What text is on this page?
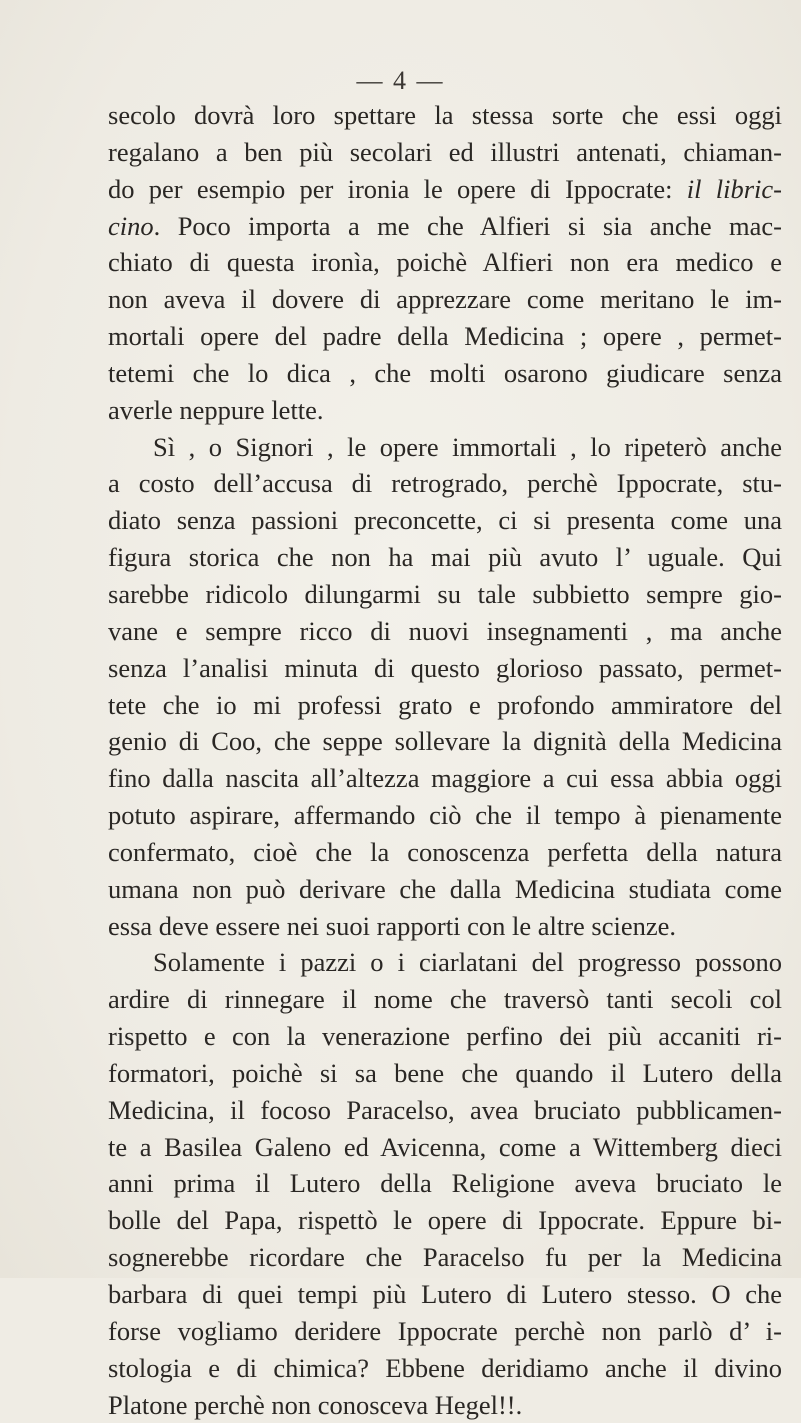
— 4 —
secolo dovrà loro spettare la stessa sorte che essi oggi
regalano a ben più secolari ed illustri antenati, chiaman-
do per esempio per ironia le opere di Ippocrate: il libric-
cino. Poco importa a me che Alfieri si sia anche mac-
chiato di questa ironìa, poichè Alfieri non era medico e
non aveva il dovere di apprezzare come meritano le im-
mortali opere del padre della Medicina ; opere , permet-
tetemi che lo dica , che molti osarono giudicare senza
averle neppure lette.
Sì , o Signori , le opere immortali , lo ripeterò anche
a costo dell’accusa di retrogrado, perchè Ippocrate, stu-
diato senza passioni preconcette, ci si presenta come una
figura storica che non ha mai più avuto l’ uguale. Qui
sarebbe ridicolo dilungarmi su tale subbietto sempre gio-
vane e sempre ricco di nuovi insegnamenti , ma anche
senza l’analisi minuta di questo glorioso passato, permet-
tete che io mi professi grato e profondo ammiratore del
genio di Coo, che seppe sollevare la dignità della Medicina
fino dalla nascita all’altezza maggiore a cui essa abbia oggi
potuto aspirare, affermando ciò che il tempo à pienamente
confermato, cioè che la conoscenza perfetta della natura
umana non può derivare che dalla Medicina studiata come
essa deve essere nei suoi rapporti con le altre scienze.
Solamente i pazzi o i ciarlatani del progresso possono
ardire di rinnegare il nome che traversò tanti secoli col
rispetto e con la venerazione perfino dei più accaniti ri-
formatori, poichè si sa bene che quando il Lutero della
Medicina, il focoso Paracelso, avea bruciato pubblicamen-
te a Basilea Galeno ed Avicenna, come a Wittemberg dieci
anni prima il Lutero della Religione aveva bruciato le
bolle del Papa, rispettò le opere di Ippocrate. Eppure bi-
sognerebbe ricordare che Paracelso fu per la Medicina
barbara di quei tempi più Lutero di Lutero stesso. O che
forse vogliamo deridere Ippocrate perchè non parlò d’ i-
stologia e di chimica? Ebbene deridiamo anche il divino
Platone perchè non conosceva Hegel!!.
